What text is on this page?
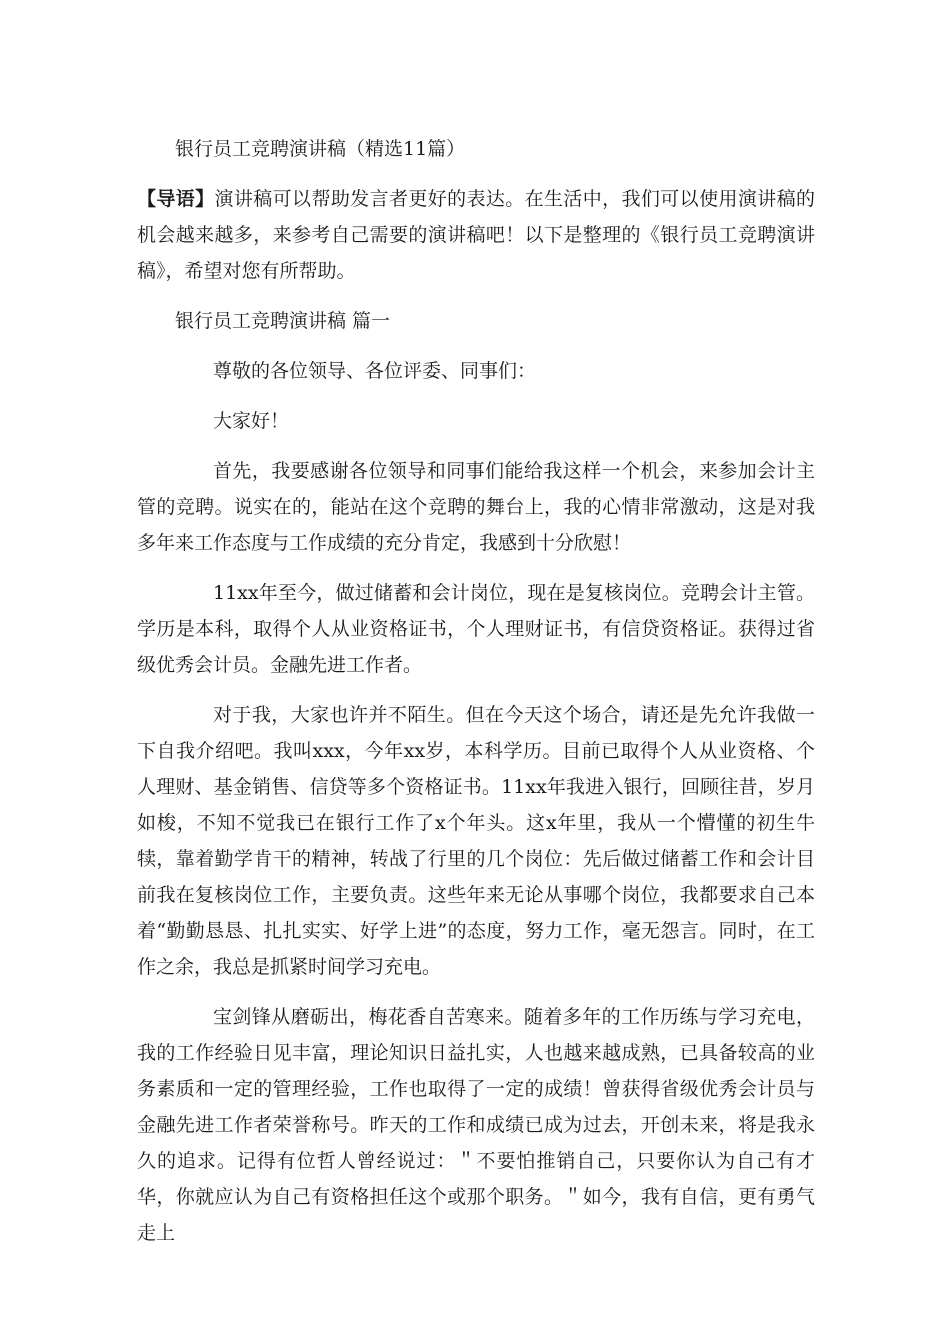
银行员工竞聘演讲稿（精选11篇）

【导语】演讲稿可以帮助发言者更好的表达。在生活中，我们可以使用演讲稿的机会越来越多，来参考自己需要的演讲稿吧！以下是整理的《银行员工竞聘演讲稿》，希望对您有所帮助。

银行员工竞聘演讲稿 篇一

尊敬的各位领导、各位评委、同事们：

大家好！

首先，我要感谢各位领导和同事们能给我这样一个机会，来参加会计主管的竞聘。说实在的，能站在这个竞聘的舞台上，我的心情非常激动，这是对我多年来工作态度与工作成绩的充分肯定，我感到十分欣慰！

11xx年至今，做过储蓄和会计岗位，现在是复核岗位。竞聘会计主管。学历是本科，取得个人从业资格证书，个人理财证书，有信贷资格证。获得过省级优秀会计员。金融先进工作者。

对于我，大家也许并不陌生。但在今天这个场合，请还是先允许我做一下自我介绍吧。我叫xxx，今年xx岁，本科学历。目前已取得个人从业资格、个人理财、基金销售、信贷等多个资格证书。11xx年我进入银行，回顾往昔，岁月如梭，不知不觉我已在银行工作了x个年头。这x年里，我从一个懵懂的初生牛犊，靠着勤学肯干的精神，转战了行里的几个岗位：先后做过储蓄工作和会计目前我在复核岗位工作，主要负责。这些年来无论从事哪个岗位，我都要求自己本着“勤勤恳恳、扎扎实实、好学上进”的态度，努力工作，毫无怨言。同时，在工作之余，我总是抓紧时间学习充电。

宝剑锋从磨砺出，梅花香自苦寒来。随着多年的工作历练与学习充电，我的工作经验日见丰富，理论知识日益扎实，人也越来越成熟，已具备较高的业务素质和一定的管理经验，工作也取得了一定的成绩！曾获得省级优秀会计员与金融先进工作者荣誉称号。昨天的工作和成绩已成为过去，开创未来，将是我永久的追求。记得有位哲人曾经说过：＂不要怕推销自己，只要你认为自己有才华，你就应认为自己有资格担任这个或那个职务。＂如今，我有自信，更有勇气走上
